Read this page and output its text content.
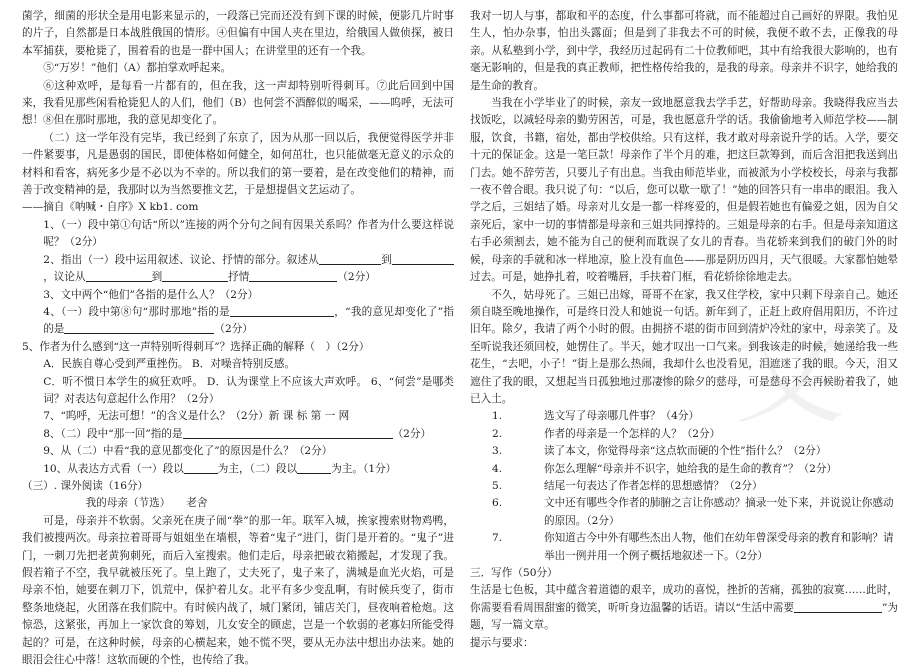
文

菌学，细菌的形状全是用电影来显示的，一段落已完而还没有到下课的时候，便影几片时事的片子，自然都是日本战胜俄国的情形。④但偏有中国人夹在里边，给俄国人做侦探，被日本军捕获，要枪毙了，围着看的也是一群中国人；在讲堂里的还有一个我。

⑤“万岁！”他们（A）都拍掌欢呼起来。

⑥这种欢呼，是每看一片都有的，但在我，这一声却特别听得刺耳。⑦此后回到中国来，我看见那些闲看枪毙犯人的人们，他们（B）也何尝不酒醉似的喝采，——呜呼，无法可想！⑧但在那时那地，我的意见却变化了。

（二）这一学年没有完毕，我已经到了东京了，因为从那一回以后，我便觉得医学并非一件紧要事，凡是愚弱的国民，即使体格如何健全，如何茁壮，也只能做毫无意义的示众的材料和看客，病死多少是不必以为不幸的。所以我们的第一要着，是在改变他们的精神，而善于改变精神的是，我那时以为当然要推文艺，于是想提倡文艺运动了。

——摘自《呐喊・自序》X kb1. com

1、（一）段中第①句话“所以”连接的两个分句之间有因果关系吗？作者为什么要这样说呢？（2分）

2、指出（一）段中运用叙述、议论、抒情的部分。叙述从	到，议论从	到	抒情	（2分）

3、文中两个“他们”各指的是什么人？（2分）

4、（一）段中第⑧句“那时那地”指的是	，“我的意见却变化了”指的是	（2分）

5、作者为什么感到“这一声特别听得刺耳”？选择正确的解释（　）（2分）

A．民族自尊心受到严重挫伤。 B．对噪音特别反感。

C．听不惯日本学生的疯狂欢呼。 D．认为课堂上不应该大声欢呼。 6、“何尝”是哪类词？对表达句意起什么作用？（2分）

7、“呜呼，无法可想！”的含义是什么？（2分）新 课 标 第 一 网

8、（二）段中“那一回”指的是	（2分）

9、从（二）中看“我的意见都变化了”的原因是什么？（2分）

10、从表达方式看（一）段以	为主，（二）段以	为主。（1分）

（三）. 课外阅读（16分）

我的母亲（节选）　　老舍

可是，母亲并不软弱。父亲死在庚子闹“拳”的那一年。联军入城，挨家搜索财物鸡鸭，我们被搜两次。母亲拉着哥哥与姐姐坐在墙根，等着“鬼子”进门，街门是开着的。“鬼子”进门，一刺刀先把老黄狗刺死，而后入室搜索。他们走后，母亲把破衣箱搬起，才发现了我。假若箱子不空，我早就被压死了。皇上跑了，丈夫死了，鬼子来了，满城是血光火焰，可是母亲不怕，她要在刺刀下，饥荒中，保护着儿女。北平有多少变乱啊，有时候兵变了，街市整条地烧起，火团落在我们院中。有时候内战了，城门紧闭，铺店关门，昼夜响着枪炮。这惊恐，这紧张，再加上一家饮食的筹划，儿女安全的顾虑，岂是一个软弱的老寡妇所能受得起的？可是，在这种时候，母亲的心横起来，她不慌不哭，要从无办法中想出办法来。她的眼泪会往心中落！这软而硬的个性，也传给了我。

我对一切人与事，都取和平的态度，什么事都可将就，而不能超过自己画好的界限。我怕见生人，怕办杂事，怕出头露面；但是到了非我去不可的时候，我便不敢不去，正像我的母亲。从私塾到小学，到中学，我经历过起码有二十位教师吧，其中有给我很大影响的，也有毫无影响的，但是我的真正教师，把性格传给我的，是我的母亲。母亲并不识字，她给我的是生命的教育。

当我在小学毕业了的时候，亲友一致地愿意我去学手艺，好帮助母亲。我晓得我应当去找饭吃，以减轻母亲的勤劳困苦，可是，我也愿意升学的话。我偷偷地考入师范学校——制服，饮食，书籍，宿处，都由学校供给。只有这样，我才敢对母亲说升学的话。入学，要交十元的保证金。这是一笔巨款！母亲作了半个月的难，把这巨款筹到，而后含泪把我送到出门去。她不辞劳苦，只要儿子有出息。当我由师范毕业，而被派为小学校校长，母亲与我都一夜不曾合眼。我只说了句：“以后，您可以歇一歇了！”她的回答只有一串串的眼泪。我入学之后，三姐结了婚。母亲对儿女是一都一样疼爱的，但是假若她也有偏爱之姐，因为自父亲死后，家中一切的事情都是母亲和三姐共同撑持的。三姐是母亲的右手。但是母亲知道这右手必须割去，她不能为自己的便利而耽误了女儿的青春。当花轿来到我们的破门外的时候，母亲的手就和冰一样地凉，脸上没有血色——那是阴历四月，天气很暖。大家都怕她晕过去。可是，她挣扎着，咬着嘴唇，手扶着门框，看花轿徐徐地走去。

不久，姑母死了。三姐已出嫁，哥哥不在家，我又住学校，家中只剩下母亲自己。她还须自晓至晚地操作，可是终日没人和她说一句话。新年到了，正赶上政府倡用阳历，不许过旧年。除夕，我请了两个小时的假。由拥挤不堪的街市回到清炉冷灶的家中，母亲笑了。及至听说我还须回校，她愣住了。半天，她才叹出一口气来。到我该走的时候，她递给我一些花生，“去吧，小子！”街上是那么热闹，我却什么也没看见，泪遮迷了我的眼。今天，泪又遮住了我的眼，又想起当日孤独地过那凄惨的除夕的慈母，可是慈母不会再候盼着我了，她已入土。

1.	选文写了母亲哪几件事？（4分）
2.	作者的母亲是一个怎样的人？（2分）
3.	读了本文，你觉得母亲“这点软而硬的个性”指什么？（2分）
4.	你怎么理解“母亲并不识字，她给我的是生命的教育”？（2分）
5.	结尾一句表达了作者怎样的思想感情？（2分）
6.	文中还有哪些令作者的肺腑之言让你感动？摘录一处下来，并说说让你感动的原因。（2分）
7.	你知道古今中外有哪些杰出人物，他们在幼年曾深受母亲的教育和影响？请举出一例并用一个例子概括地叙述一下。（2分）

三．写作（50分）

生活是七色板，其中蕴含着道德的艰辛，成功的喜悦，挫折的苦痛，孤独的寂寞……此时，你需要看看周围甜蜜的微笑，听听身边温馨的话语。请以“生活中需要	”为题，写一篇文章。

提示与要求：
